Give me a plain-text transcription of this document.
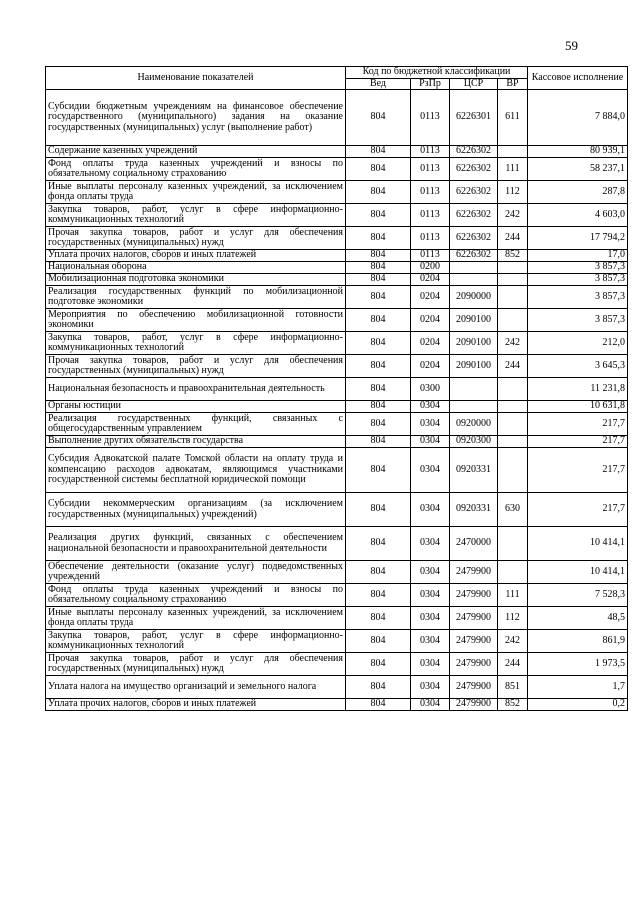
59
Наименование показателей	Код по бюджетной классификации				Кассовое исполнение
	Вед	РзПр	ЦСР	ВР	
Субсидии бюджетным учреждениям на финансовое обеспечение государственного (муниципального) задания на оказание государственных (муниципальных) услуг (выполнение работ)	804	0113	6226301	611	7 884,0
Содержание казенных учреждений	804	0113	6226302		80 939,1
Фонд оплаты труда казенных учреждений и взносы по обязательному социальному страхованию	804	0113	6226302	111	58 237,1
Иные выплаты персоналу казенных учреждений, за исключением фонда оплаты труда	804	0113	6226302	112	287,8
Закупка товаров, работ, услуг в сфере информационно-коммуникационных технологий	804	0113	6226302	242	4 603,0
Прочая закупка товаров, работ и услуг для обеспечения государственных (муниципальных) нужд	804	0113	6226302	244	17 794,2
Уплата прочих налогов, сборов и иных платежей	804	0113	6226302	852	17,0
Национальная оборона	804	0200			3 857,3
Мобилизационная подготовка экономики	804	0204			3 857,3
Реализация государственных функций по мобилизационной подготовке экономики	804	0204	2090000		3 857,3
Мероприятия по обеспечению мобилизационной готовности экономики	804	0204	2090100		3 857,3
Закупка товаров, работ, услуг в сфере информационно-коммуникационных технологий	804	0204	2090100	242	212,0
Прочая закупка товаров, работ и услуг для обеспечения государственных (муниципальных) нужд	804	0204	2090100	244	3 645,3
Национальная безопасность и правоохранительная деятельность	804	0300			11 231,8
Органы юстиции	804	0304			10 631,8
Реализация государственных функций, связанных с общегосударственным управлением	804	0304	0920000		217,7
Выполнение других обязательств государства	804	0304	0920300		217,7
Субсидия Адвокатской палате Томской области на оплату труда и компенсацию расходов адвокатам, являющимся участниками государственной системы бесплатной юридической помощи	804	0304	0920331		217,7
Субсидии некоммерческим организациям (за исключением государственных (муниципальных) учреждений)	804	0304	0920331	630	217,7
Реализация других функций, связанных с обеспечением национальной безопасности и правоохранительной деятельности	804	0304	2470000		10 414,1
Обеспечение деятельности (оказание услуг) подведомственных учреждений	804	0304	2479900		10 414,1
Фонд оплаты труда казенных учреждений и взносы по обязательному социальному страхованию	804	0304	2479900	111	7 528,3
Иные выплаты персоналу казенных учреждений, за исключением фонда оплаты труда	804	0304	2479900	112	48,5
Закупка товаров, работ, услуг в сфере информационно-коммуникационных технологий	804	0304	2479900	242	861,9
Прочая закупка товаров, работ и услуг для обеспечения государственных (муниципальных) нужд	804	0304	2479900	244	1 973,5
Уплата налога на имущество организаций и земельного налога	804	0304	2479900	851	1,7
Уплата прочих налогов, сборов и иных платежей	804	0304	2479900	852	0,2
